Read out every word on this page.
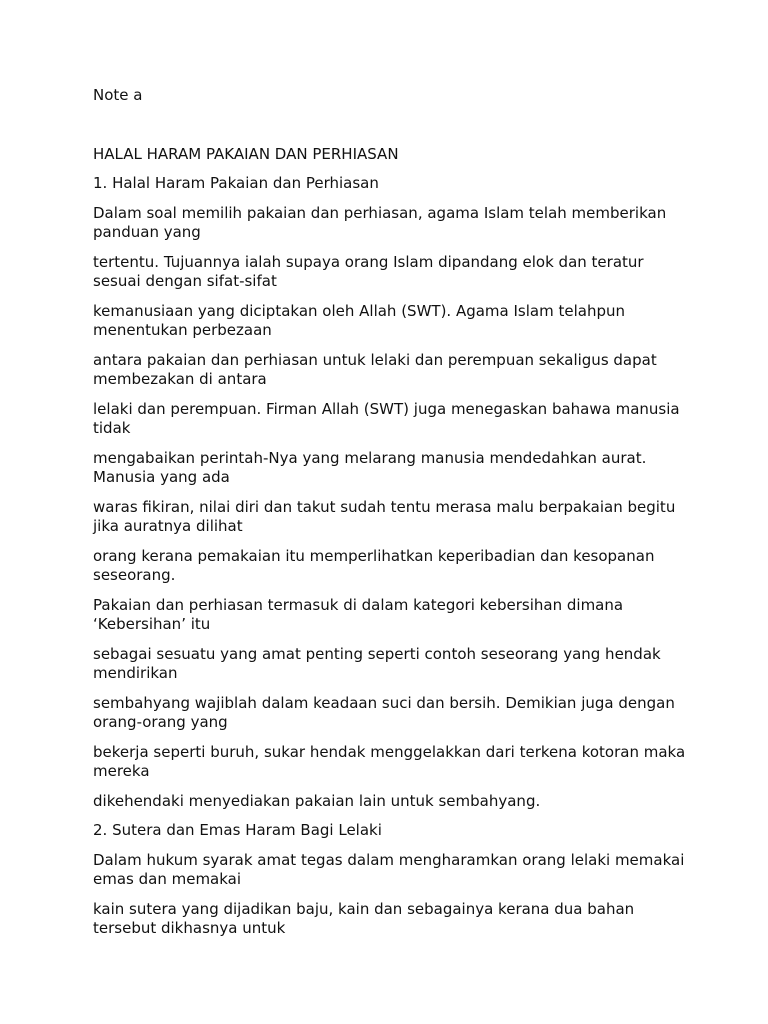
Note a

HALAL HARAM PAKAIAN DAN PERHIASAN

1. Halal Haram Pakaian dan Perhiasan

Dalam soal memilih pakaian dan perhiasan, agama Islam telah memberikan panduan yang

tertentu. Tujuannya ialah supaya orang Islam dipandang elok dan teratur sesuai dengan sifat-sifat

kemanusiaan yang diciptakan oleh Allah (SWT). Agama Islam telahpun menentukan perbezaan

antara pakaian dan perhiasan untuk lelaki dan perempuan sekaligus dapat membezakan di antara

lelaki dan perempuan. Firman Allah (SWT) juga menegaskan bahawa manusia tidak

mengabaikan perintah-Nya yang melarang manusia mendedahkan aurat. Manusia yang ada

waras fikiran, nilai diri dan takut sudah tentu merasa malu berpakaian begitu jika auratnya dilihat

orang kerana pemakaian itu memperlihatkan keperibadian dan kesopanan seseorang.

Pakaian dan perhiasan termasuk di dalam kategori kebersihan dimana ‘Kebersihan’ itu

sebagai sesuatu yang amat penting seperti contoh seseorang yang hendak mendirikan

sembahyang wajiblah dalam keadaan suci dan bersih. Demikian juga dengan orang-orang yang

bekerja seperti buruh, sukar hendak menggelakkan dari terkena kotoran maka mereka

dikehendaki menyediakan pakaian lain untuk sembahyang.

2. Sutera dan Emas Haram Bagi Lelaki

Dalam hukum syarak amat tegas dalam mengharamkan orang lelaki memakai emas dan memakai

kain sutera yang dijadikan baju, kain dan sebagainya kerana dua bahan tersebut dikhasnya untuk
